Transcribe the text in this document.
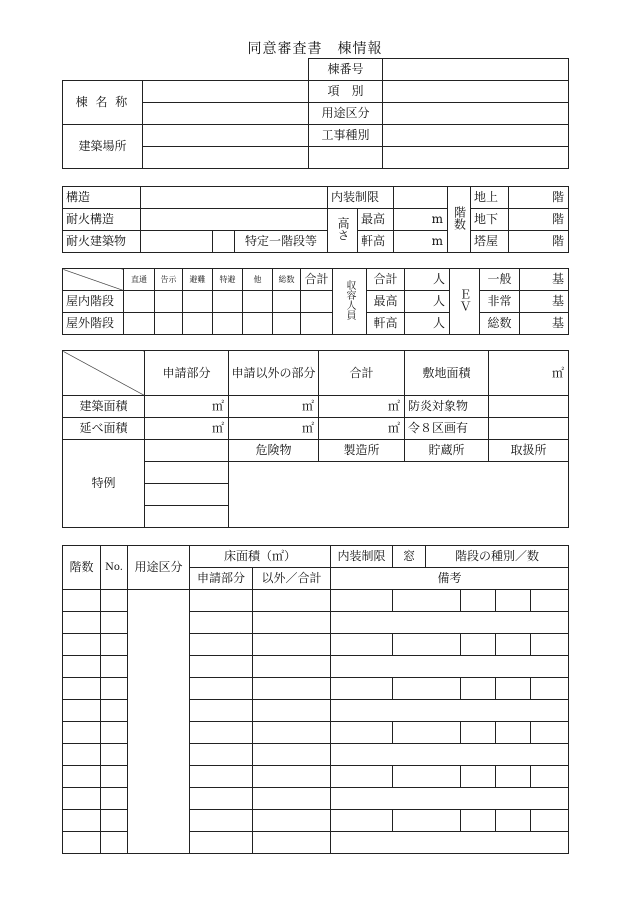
同意審査書　棟情報
		棟番号	
棟 名 称		項　別	
		用途区分	
建築場所		工事種別	

構造				内装制限			階数	地上	階
耐火構造				高さ	最高	m		地下	階
耐火建築物			特定一階段等		軒高	m		塔屋	階
	直通	告示	避難	特避	他	総数	合計	収容人員	合計	人	ＥＶ	一般	基
屋内階段									最高	人		非常	基
屋外階段									軒高	人		総数	基
	申請部分	申請以外の部分	合計	敷地面積	㎡
建築面積	㎡	㎡	㎡	防炎対象物	
延べ面積	㎡	㎡	㎡	令８区画有	
特例		危険物	製造所	貯蔵所	取扱所

階数	No.	用途区分	床面積（㎡）		内装制限	窓	階段の種別／数			
			申請部分	以外／合計	備考					
